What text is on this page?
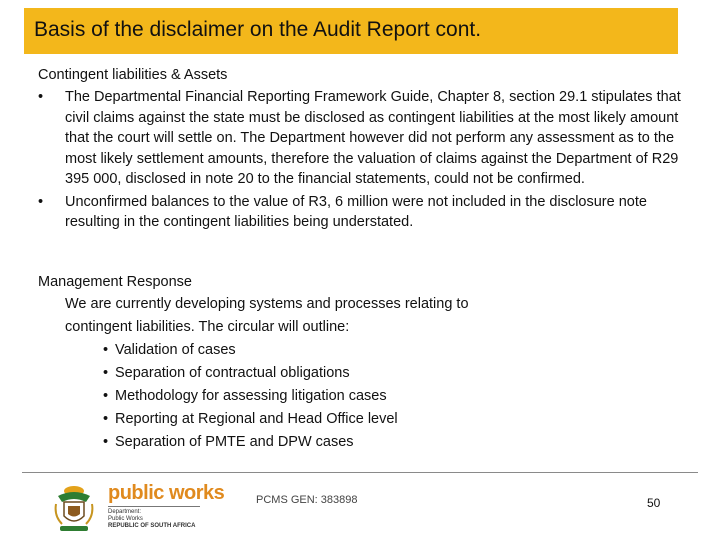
Basis of the disclaimer on the Audit Report cont.
Contingent liabilities & Assets
• The Departmental Financial Reporting Framework Guide, Chapter 8, section 29.1 stipulates that civil claims against the state must be disclosed as contingent liabilities at the most likely amount that the court will settle on. The Department however did not perform any assessment as to the most likely settlement amounts, therefore the valuation of claims against the Department of R29 395 000, disclosed in note 20 to the financial statements, could not be confirmed.
• Unconfirmed balances to the value of R3, 6 million were not included in the disclosure note resulting in the contingent liabilities being understated.
Management Response
We are currently developing systems and processes relating to contingent liabilities. The circular will outline:
• Validation of cases
• Separation of contractual obligations
• Methodology for assessing litigation cases
• Reporting at Regional and Head Office level
• Separation of PMTE and DPW cases
public works
Department:
Public Works
REPUBLIC OF SOUTH AFRICA
PCMS GEN: 383898	50
